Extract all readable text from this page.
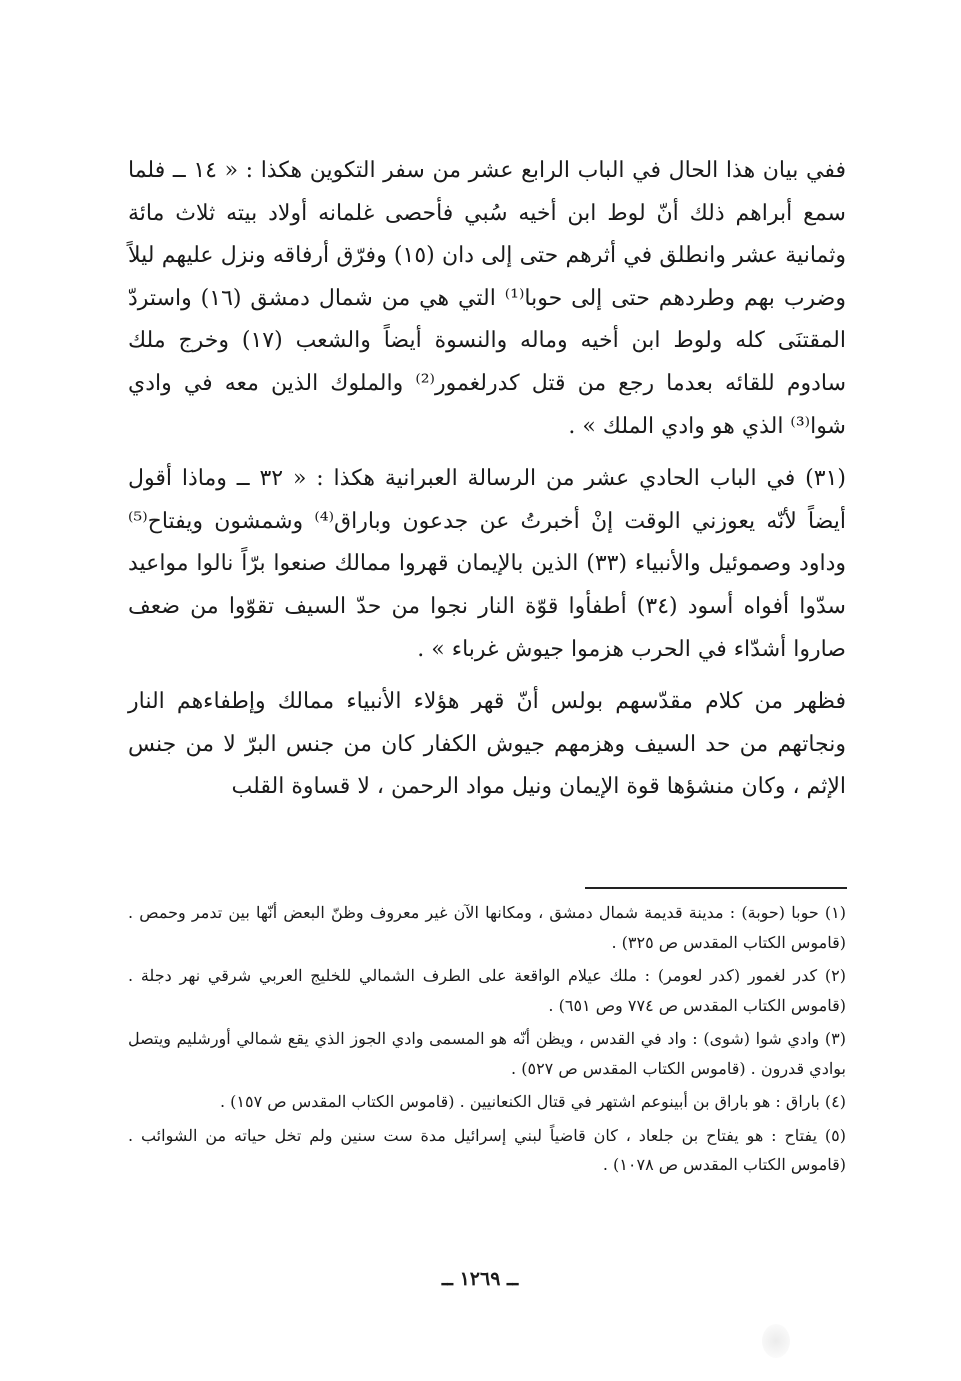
ففي بيان هذا الحال في الباب الرابع عشر من سفر التكوين هكذا : « ١٤ ــ فلما سمع أبراهم ذلك أنّ لوط ابن أخيه سُبي فأحصى غلمانه أولاد بيته ثلاث مائة وثمانية عشر وانطلق في أثرهم حتى إلى دان (١٥) وفرّق أرفاقه ونزل عليهم ليلاً وضرب بهم وطردهم حتى إلى حوبا⁽¹⁾ التي هي من شمال دمشق (١٦) واستردّ المقتنَى كله ولوط ابن أخيه وماله والنسوة أيضاً والشعب (١٧) وخرج ملك سادوم للقائه بعدما رجع من قتل كدرلغمور⁽²⁾ والملوك الذين معه في وادي شوا⁽³⁾ الذي هو وادي الملك » .

(٣١) في الباب الحادي عشر من الرسالة العبرانية هكذا : « ٣٢ ــ وماذا أقول أيضاً لأنّه يعوزني الوقت إنْ أخبرتُ عن جدعون وباراق⁽⁴⁾ وشمشون ويفتاح⁽⁵⁾ وداود وصموئيل والأنبياء (٣٣) الذين بالإيمان قهروا ممالك صنعوا برّاً نالوا مواعيد سدّوا أفواه أسود (٣٤) أطفأوا قوّة النار نجوا من حدّ السيف تقوّوا من ضعف صاروا أشدّاء في الحرب هزموا جيوش غرباء » .

فظهر من كلام مقدّسهم بولس أنّ قهر هؤلاء الأنبياء ممالك وإطفاءهم النار ونجاتهم من حد السيف وهزمهم جيوش الكفار كان من جنس البرّ لا من جنس الإثم ، وكان منشؤها قوة الإيمان ونيل مواد الرحمن ، لا قساوة القلب

(١) حوبا (حوبة) : مدينة قديمة شمال دمشق ، ومكانها الآن غير معروف وظنّ البعض أنّها بين تدمر وحمص . (قاموس الكتاب المقدس ص ٣٢٥) .

(٢) كدر لغمور (كدر لعومر) : ملك عيلام الواقعة على الطرف الشمالي للخليج العربي شرقي نهر دجلة . (قاموس الكتاب المقدس ص ٧٧٤ وص ٦٥١) .

(٣) وادي شوا (شوى) : واد في القدس ، ويظن أنّه هو المسمى وادي الجوز الذي يقع شمالي أورشليم ويتصل بوادي قدرون . (قاموس الكتاب المقدس ص ٥٢٧) .

(٤) باراق : هو باراق بن أبينوعم اشتهر في قتال الكنعانيين . (قاموس الكتاب المقدس ص ١٥٧) .

(٥) يفتاح : هو يفتاح بن جلعاد ، كان قاضياً لبني إسرائيل مدة ست سنين ولم تخل حياته من الشوائب . (قاموس الكتاب المقدس ص ١٠٧٨) .

ــ ١٢٦٩ ــ
